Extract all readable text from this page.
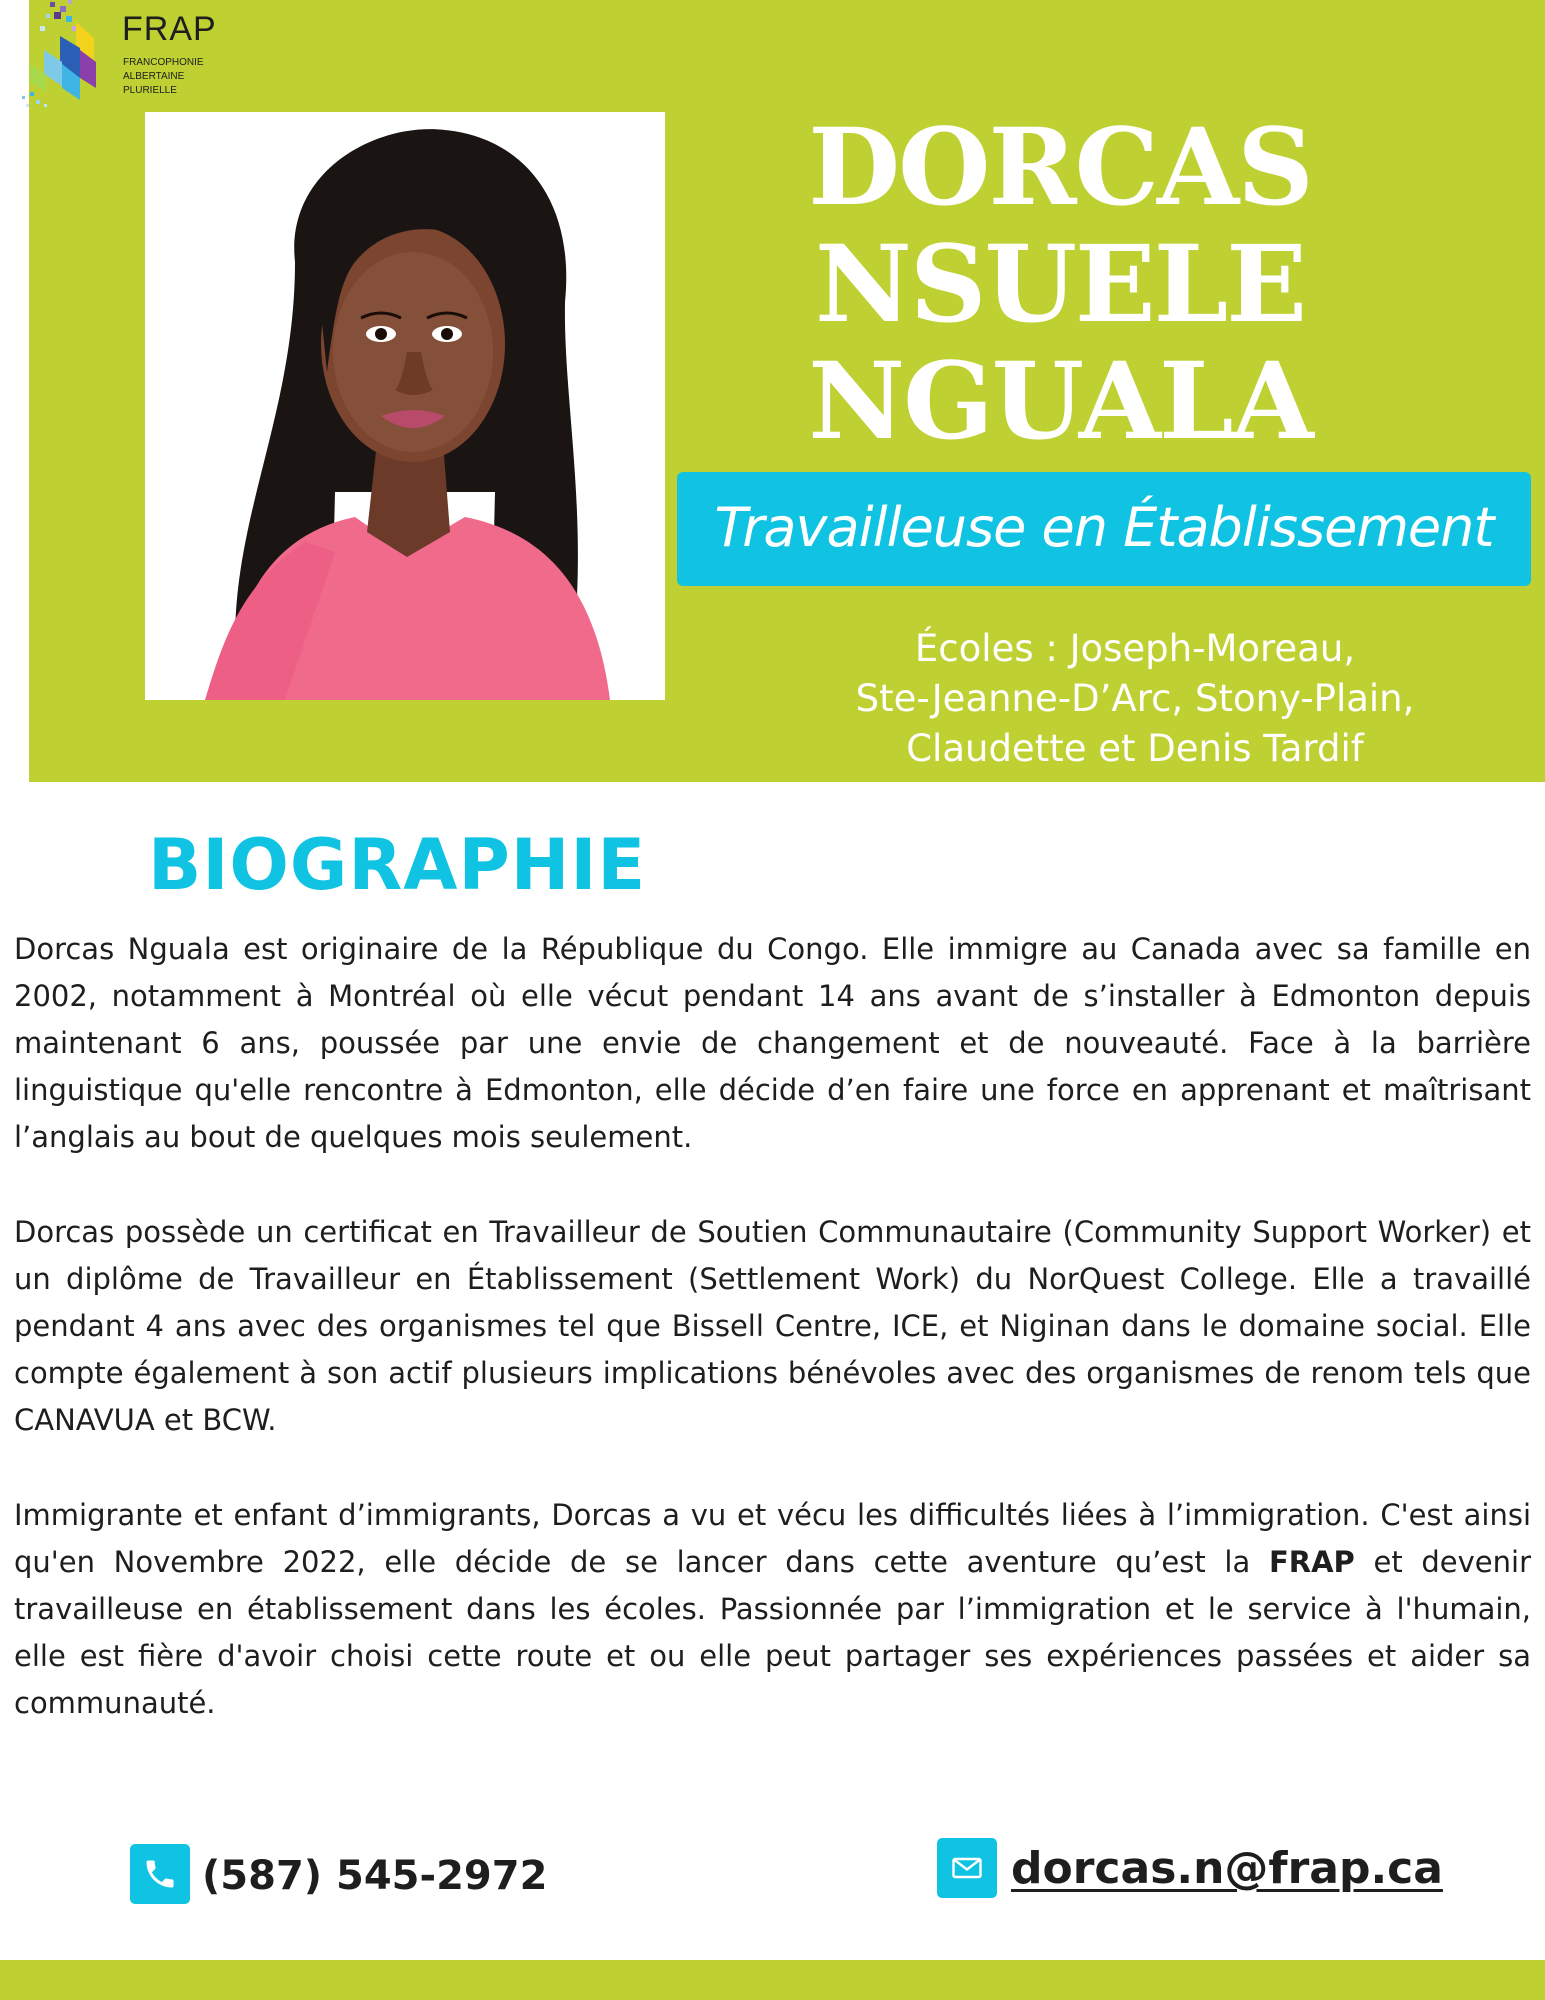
FRAP
FRANCOPHONIE
ALBERTAINE
PLURIELLE
DORCAS
NSUELE
NGUALA
Travailleuse en Établissement
Écoles : Joseph-Moreau,
Ste-Jeanne-D’Arc, Stony-Plain,
Claudette et Denis Tardif
BIOGRAPHIE

Dorcas Nguala est originaire de la République du Congo. Elle immigre au Canada avec sa famille en 2002, notamment à Montréal où elle vécut pendant 14 ans avant de s’installer à Edmonton depuis maintenant 6 ans, poussée par une envie de changement et de nouveauté. Face à la barrière linguistique qu'elle rencontre à Edmonton, elle décide d’en faire une force en apprenant et maîtrisant l’anglais au bout de quelques mois seulement.

Dorcas possède un certificat en Travailleur de Soutien Communautaire (Community Support Worker) et un diplôme de Travailleur en Établissement (Settlement Work) du NorQuest College. Elle a travaillé pendant 4 ans avec des organismes tel que Bissell Centre, ICE, et Niginan dans le domaine social. Elle compte également à son actif plusieurs implications bénévoles avec des organismes de renom tels que CANAVUA et BCW.

Immigrante et enfant d’immigrants, Dorcas a vu et vécu les difficultés liées à l’immigration. C'est ainsi qu'en Novembre 2022, elle décide de se lancer dans cette aventure qu’est la FRAP et devenir travailleuse en établissement dans les écoles. Passionnée par l’immigration et le service à l'humain, elle est fière d'avoir choisi cette route et ou elle peut partager ses expériences passées et aider sa communauté.

(587) 545-2972	dorcas.n@frap.ca
